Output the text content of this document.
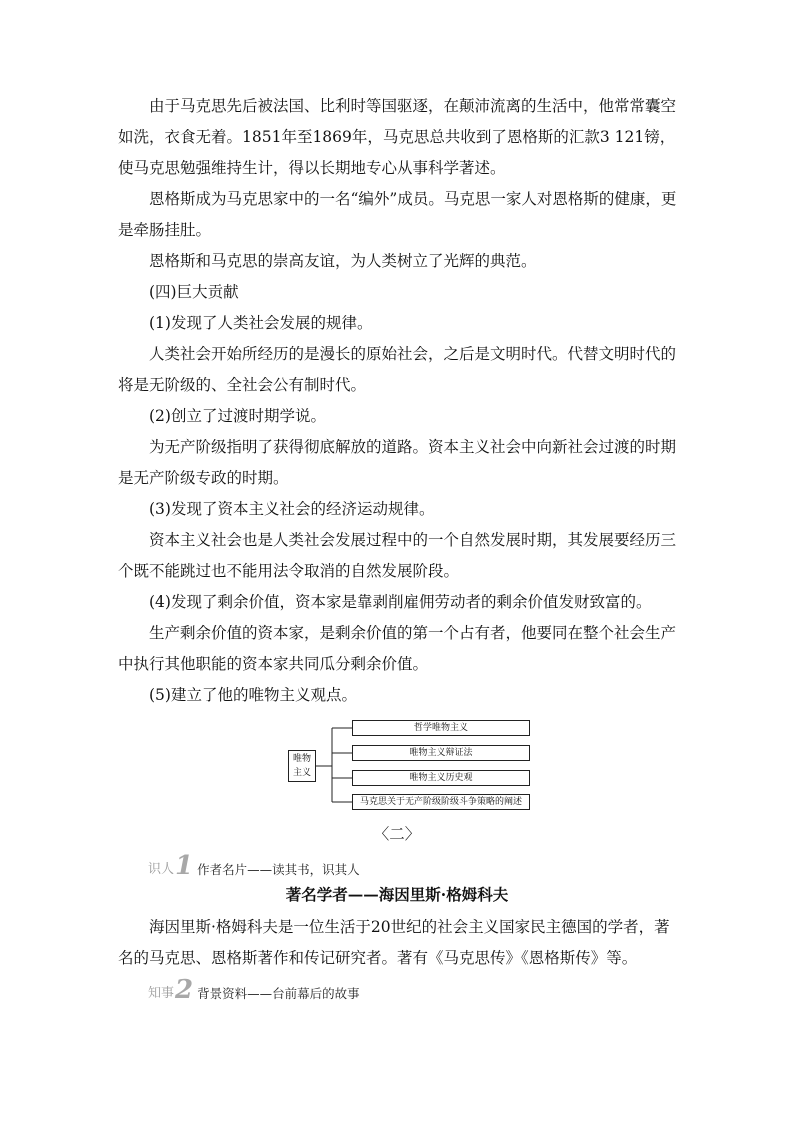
由于马克思先后被法国、比利时等国驱逐，在颠沛流离的生活中，他常常囊空如洗，衣食无着。1851年至1869年，马克思总共收到了恩格斯的汇款3 121镑，使马克思勉强维持生计，得以长期地专心从事科学著述。

恩格斯成为马克思家中的一名“编外”成员。马克思一家人对恩格斯的健康，更是牵肠挂肚。

恩格斯和马克思的崇高友谊，为人类树立了光辉的典范。

(四)巨大贡献

(1)发现了人类社会发展的规律。

人类社会开始所经历的是漫长的原始社会，之后是文明时代。代替文明时代的将是无阶级的、全社会公有制时代。

(2)创立了过渡时期学说。

为无产阶级指明了获得彻底解放的道路。资本主义社会中向新社会过渡的时期是无产阶级专政的时期。

(3)发现了资本主义社会的经济运动规律。

资本主义社会也是人类社会发展过程中的一个自然发展时期，其发展要经历三个既不能跳过也不能用法令取消的自然发展阶段。

(4)发现了剩余价值，资本家是靠剥削雇佣劳动者的剩余价值发财致富的。

生产剩余价值的资本家，是剩余价值的第一个占有者，他要同在整个社会生产中执行其他职能的资本家共同瓜分剩余价值。

(5)建立了他的唯物主义观点。

唯物主义
哲学唯物主义
唯物主义辩证法
唯物主义历史观
马克思关于无产阶级阶级斗争策略的阐述
〈二〉
识人 1 作者名片——读其书，识其人
著名学者——海因里斯·格姆科夫

海因里斯·格姆科夫是一位生活于20世纪的社会主义国家民主德国的学者，著名的马克思、恩格斯著作和传记研究者。著有《马克思传》《恩格斯传》等。

知事 2 背景资料——台前幕后的故事
